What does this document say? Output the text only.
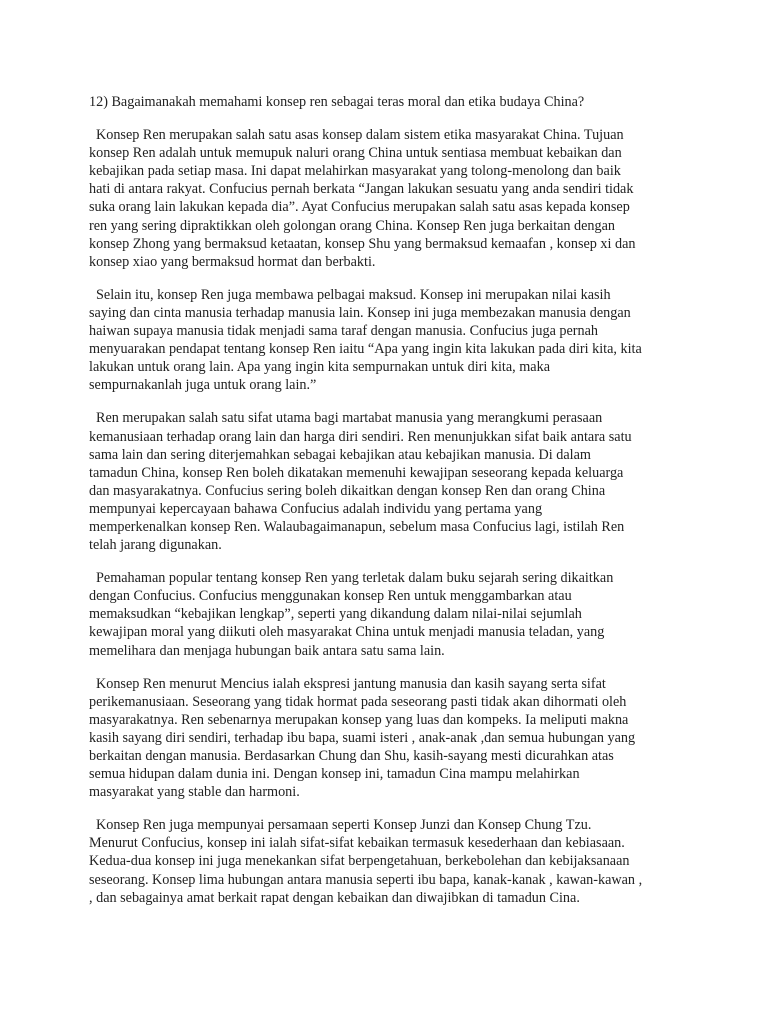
12) Bagaimanakah memahami konsep ren sebagai teras moral dan etika budaya China?
Konsep Ren merupakan salah satu asas konsep dalam sistem etika masyarakat China. Tujuan
konsep Ren adalah untuk memupuk naluri orang China untuk sentiasa membuat kebaikan dan
kebajikan pada setiap masa. Ini dapat melahirkan masyarakat yang tolong-menolong dan baik
hati di antara rakyat. Confucius pernah berkata “Jangan lakukan sesuatu yang anda sendiri tidak
suka orang lain lakukan kepada dia”. Ayat Confucius merupakan salah satu asas kepada konsep
ren yang sering dipraktikkan oleh golongan orang China. Konsep Ren juga berkaitan dengan
konsep Zhong yang bermaksud ketaatan, konsep Shu yang bermaksud kemaafan , konsep xi dan
konsep xiao yang bermaksud hormat dan berbakti.
Selain itu, konsep Ren juga membawa pelbagai maksud. Konsep ini merupakan nilai kasih
saying dan cinta manusia terhadap manusia lain. Konsep ini juga membezakan manusia dengan
haiwan supaya manusia tidak menjadi sama taraf dengan manusia. Confucius juga pernah
menyuarakan pendapat tentang konsep Ren iaitu “Apa yang ingin kita lakukan pada diri kita, kita
lakukan untuk orang lain. Apa yang ingin kita sempurnakan untuk diri kita, maka
sempurnakanlah juga untuk orang lain.”
Ren merupakan salah satu sifat utama bagi martabat manusia yang merangkumi perasaan
kemanusiaan terhadap orang lain dan harga diri sendiri. Ren menunjukkan sifat baik antara satu
sama lain dan sering diterjemahkan sebagai kebajikan atau kebajikan manusia. Di dalam
tamadun China, konsep Ren boleh dikatakan memenuhi kewajipan seseorang kepada keluarga
dan masyarakatnya. Confucius sering boleh dikaitkan dengan konsep Ren dan orang China
mempunyai kepercayaan bahawa Confucius adalah individu yang pertama yang
memperkenalkan konsep Ren. Walaubagaimanapun, sebelum masa Confucius lagi, istilah Ren
telah jarang digunakan.
Pemahaman popular tentang konsep Ren yang terletak dalam buku sejarah sering dikaitkan
dengan Confucius. Confucius menggunakan konsep Ren untuk menggambarkan atau
memaksudkan “kebajikan lengkap”, seperti yang dikandung dalam nilai-nilai sejumlah
kewajipan moral yang diikuti oleh masyarakat China untuk menjadi manusia teladan, yang
memelihara dan menjaga hubungan baik antara satu sama lain.
Konsep Ren menurut Mencius ialah ekspresi jantung manusia dan kasih sayang serta sifat
perikemanusiaan. Seseorang yang tidak hormat pada seseorang pasti tidak akan dihormati oleh
masyarakatnya. Ren sebenarnya merupakan konsep yang luas dan kompeks. Ia meliputi makna
kasih sayang diri sendiri, terhadap ibu bapa, suami isteri , anak-anak ,dan semua hubungan yang
berkaitan dengan manusia. Berdasarkan Chung dan Shu, kasih-sayang mesti dicurahkan atas
semua hidupan dalam dunia ini. Dengan konsep ini, tamadun Cina mampu melahirkan
masyarakat yang stable dan harmoni.
Konsep Ren juga mempunyai persamaan seperti Konsep Junzi dan Konsep Chung Tzu.
Menurut Confucius, konsep ini ialah sifat-sifat kebaikan termasuk kesederhaan dan kebiasaan.
Kedua-dua konsep ini juga menekankan sifat berpengetahuan, berkebolehan dan kebijaksanaan
seseorang. Konsep lima hubungan antara manusia seperti ibu bapa, kanak-kanak , kawan-kawan ,
, dan sebagainya amat berkait rapat dengan kebaikan dan diwajibkan di tamadun Cina.
